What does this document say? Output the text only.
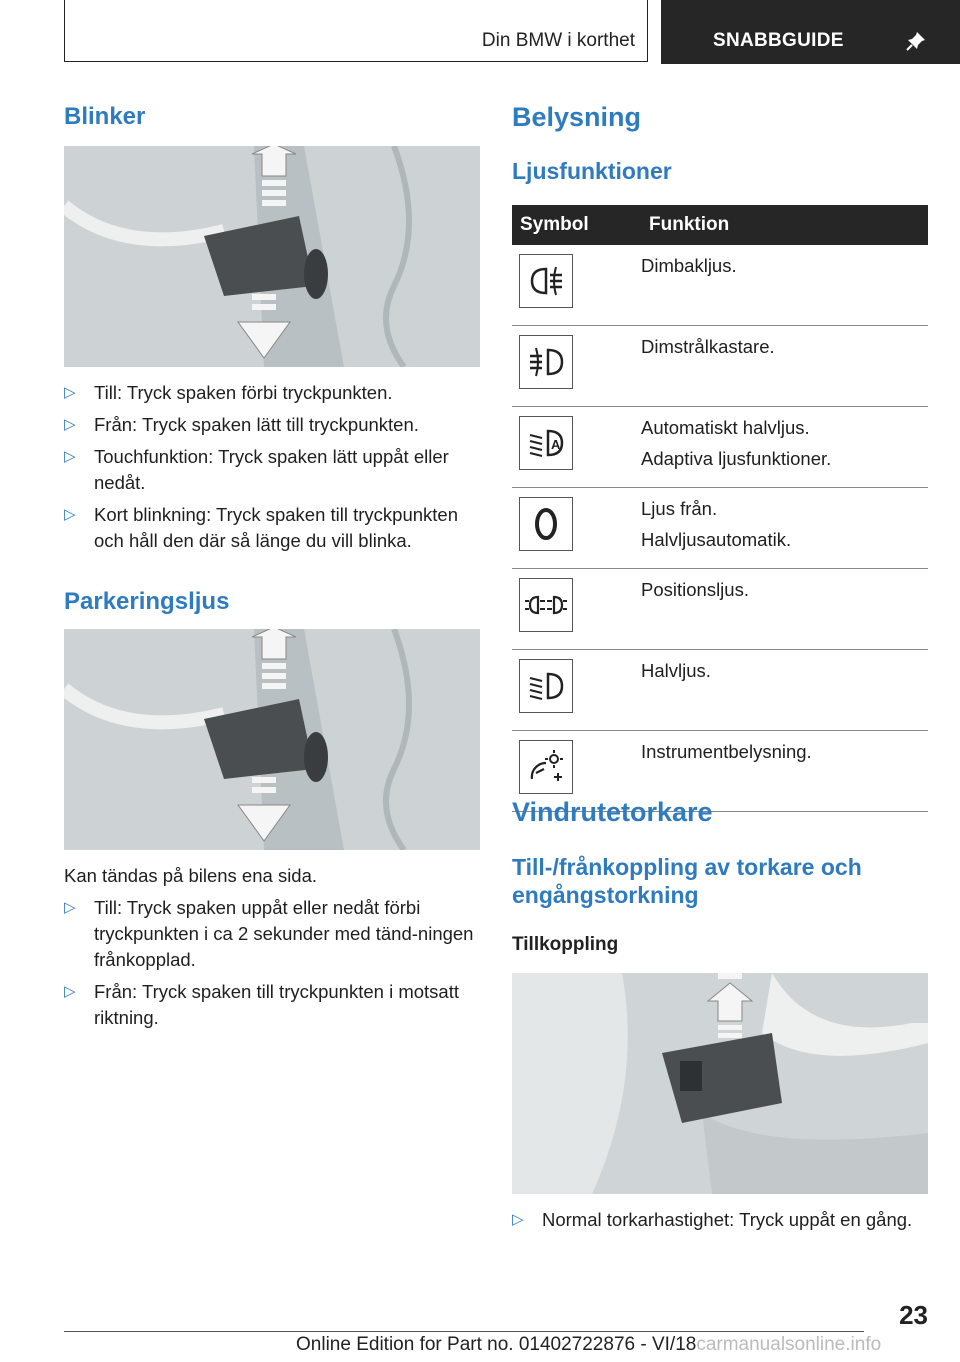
Din BMW i korthet	SNABBGUIDE
Blinker
▷ Till: Tryck spaken förbi tryckpunkten.
▷ Från: Tryck spaken lätt till tryckpunkten.
▷ Touchfunktion: Tryck spaken lätt uppåt eller nedåt.
▷ Kort blinkning: Tryck spaken till tryckpunkten och håll den där så länge du vill blinka.
Parkeringsljus
Kan tändas på bilens ena sida.
▷ Till: Tryck spaken uppåt eller nedåt förbi tryckpunkten i ca 2 sekunder med tänd-ningen frånkopplad.
▷ Från: Tryck spaken till tryckpunkten i motsatt riktning.
Belysning
Ljusfunktioner
Symbol	Funktion

Dimbakljus.

Dimstrålkastare.

A	Automatiskt halvljus.
Adaptiva ljusfunktioner.

Ljus från.
Halvljusautomatik.

Positionsljus.

Halvljus.

Instrumentbelysning.
Vindrutetorkare
Till-/frånkoppling av torkare och
engångstorkning
Tillkoppling
▷ Normal torkarhastighet: Tryck uppåt en gång.
23
Online Edition for Part no. 01402722876 - VI/18carmanualsonline.info
